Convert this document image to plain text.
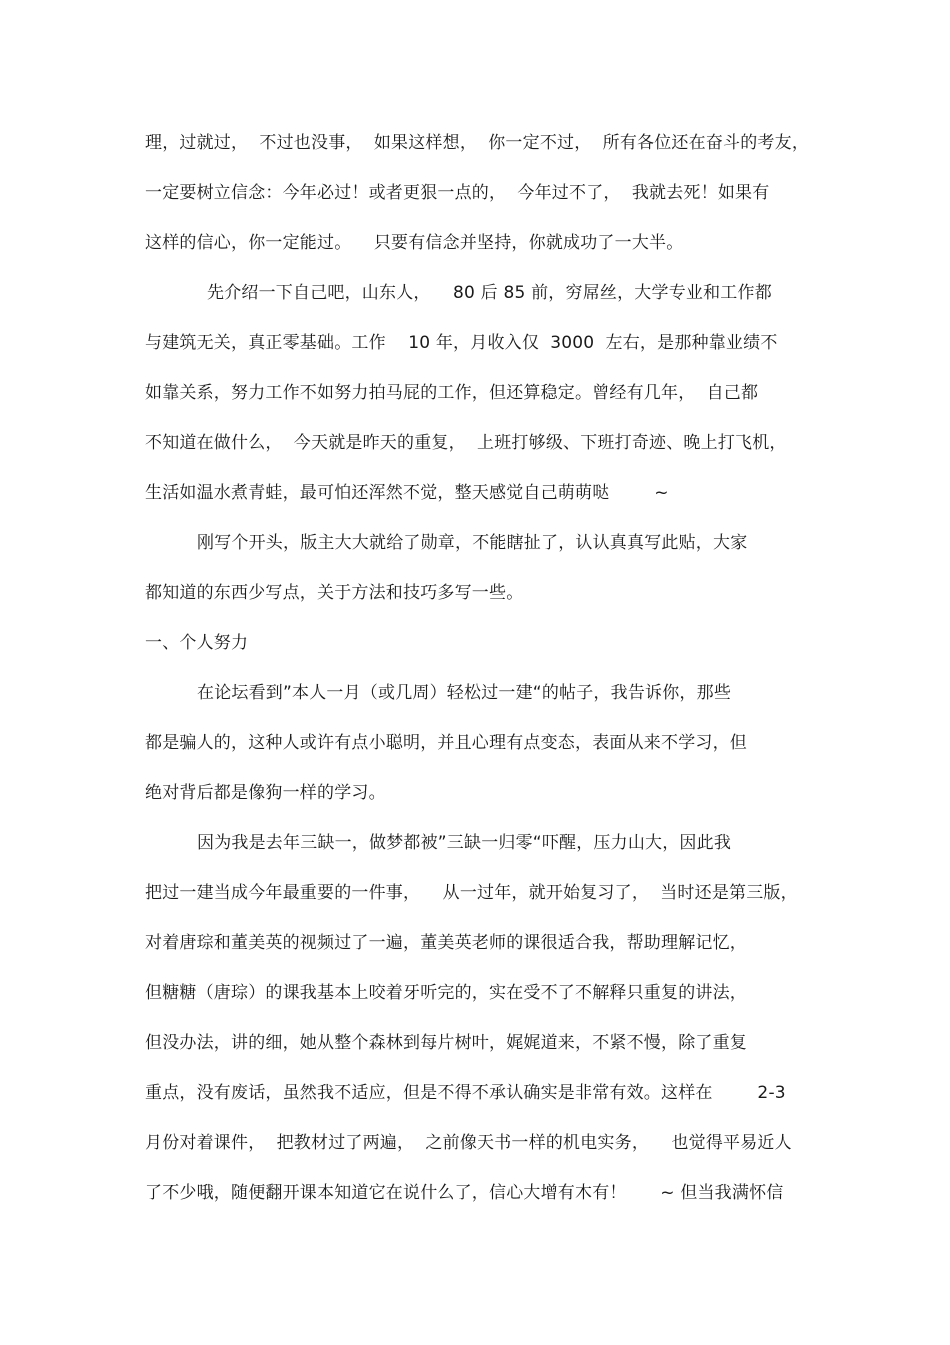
理，过就过，  不过也没事，  如果这样想，  你一定不过，  所有各位还在奋斗的考友，
一定要树立信念：今年必过！或者更狠一点的，  今年过不了，  我就去死！如果有
这样的信心，你一定能过。    只要有信念并坚持，你就成功了一大半。
先介绍一下自己吧，山东人，    80 后 85 前，穷屌丝，大学专业和工作都
与建筑无关，真正零基础。工作    10 年，月收入仅  3000  左右，是那种靠业绩不
如靠关系，努力工作不如努力拍马屁的工作，但还算稳定。曾经有几年，  自己都
不知道在做什么，  今天就是昨天的重复，  上班打够级、下班打奇迹、晚上打飞机，
生活如温水煮青蛙，最可怕还浑然不觉，整天感觉自己萌萌哒        ~
刚写个开头，版主大大就给了勋章，不能瞎扯了，认认真真写此贴，大家
都知道的东西少写点，关于方法和技巧多写一些。
一、个人努力
在论坛看到”本人一月（或几周）轻松过一建“的帖子，我告诉你，那些
都是骗人的，这种人或许有点小聪明，并且心理有点变态，表面从来不学习，但
绝对背后都是像狗一样的学习。
因为我是去年三缺一，做梦都被”三缺一归零“吓醒，压力山大，因此我
把过一建当成今年最重要的一件事，    从一过年，就开始复习了，  当时还是第三版，
对着唐琮和董美英的视频过了一遍，董美英老师的课很适合我，帮助理解记忆，
但糖糖（唐琮）的课我基本上咬着牙听完的，实在受不了不解释只重复的讲法，
但没办法，讲的细，她从整个森林到每片树叶，娓娓道来，不紧不慢，除了重复
重点，没有废话，虽然我不适应，但是不得不承认确实是非常有效。这样在        2-3
月份对着课件，  把教材过了两遍，  之前像天书一样的机电实务，    也觉得平易近人
了不少哦，随便翻开课本知道它在说什么了，信心大增有木有！      ~ 但当我满怀信
